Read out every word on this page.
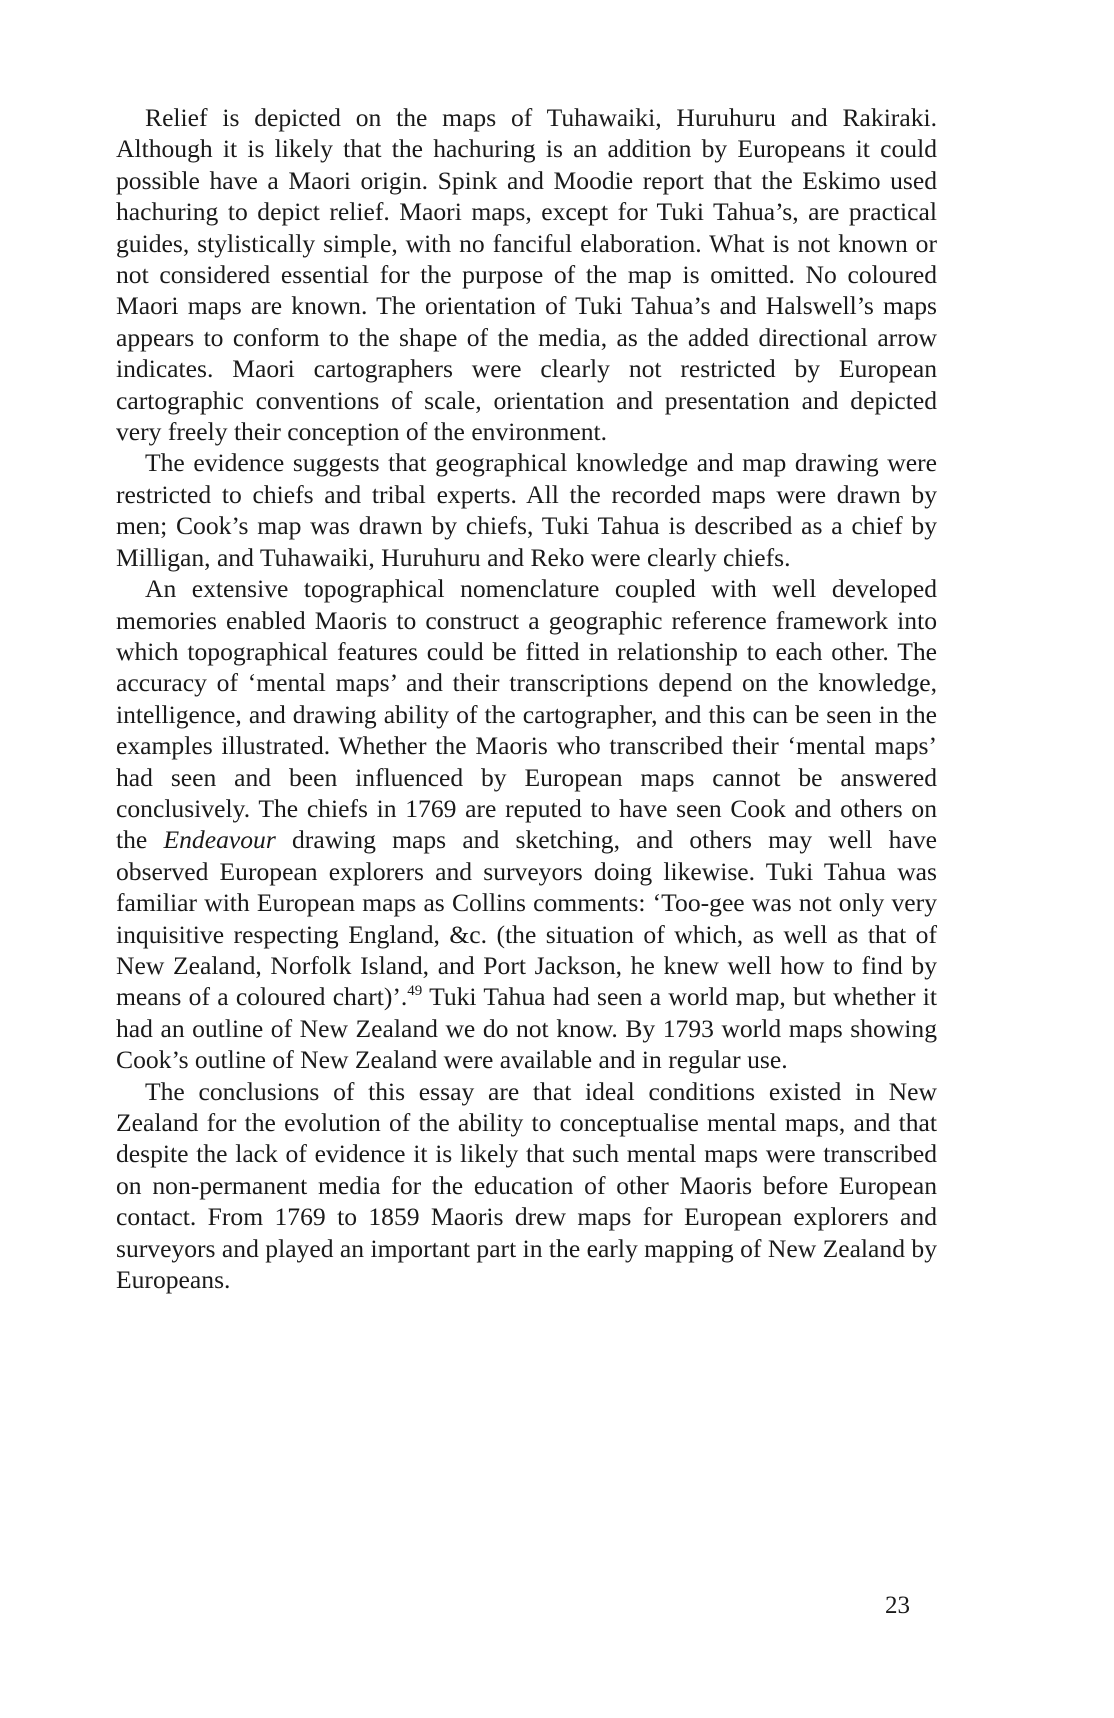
Relief is depicted on the maps of Tuhawaiki, Huruhuru and Rakiraki. Although it is likely that the hachuring is an addition by Europeans it could possible have a Maori origin. Spink and Moodie report that the Eskimo used hachuring to depict relief. Maori maps, except for Tuki Tahua’s, are practical guides, stylistically simple, with no fanciful elaboration. What is not known or not considered essential for the purpose of the map is omitted. No coloured Maori maps are known. The orientation of Tuki Tahua’s and Halswell’s maps appears to conform to the shape of the media, as the added directional arrow indicates. Maori cartographers were clearly not restricted by European cartographic conventions of scale, orientation and presentation and depicted very freely their conception of the environment.

The evidence suggests that geographical knowledge and map drawing were restricted to chiefs and tribal experts. All the recorded maps were drawn by men; Cook’s map was drawn by chiefs, Tuki Tahua is described as a chief by Milligan, and Tuhawaiki, Huruhuru and Reko were clearly chiefs.

An extensive topographical nomenclature coupled with well developed memories enabled Maoris to construct a geographic reference framework into which topographical features could be fitted in relationship to each other. The accuracy of ‘mental maps’ and their transcriptions depend on the knowledge, intelligence, and drawing ability of the cartographer, and this can be seen in the examples illustrated. Whether the Maoris who transcribed their ‘mental maps’ had seen and been influenced by European maps cannot be answered conclusively. The chiefs in 1769 are reputed to have seen Cook and others on the Endeavour drawing maps and sketching, and others may well have observed European explorers and surveyors doing likewise. Tuki Tahua was familiar with European maps as Collins comments: ‘Too-gee was not only very inquisitive respecting England, &c. (the situation of which, as well as that of New Zealand, Norfolk Island, and Port Jackson, he knew well how to find by means of a coloured chart)’.$^{49}$ Tuki Tahua had seen a world map, but whether it had an outline of New Zealand we do not know. By 1793 world maps showing Cook’s outline of New Zealand were available and in regular use.

The conclusions of this essay are that ideal conditions existed in New Zealand for the evolution of the ability to conceptualise mental maps, and that despite the lack of evidence it is likely that such mental maps were transcribed on non-permanent media for the education of other Maoris before European contact. From 1769 to 1859 Maoris drew maps for European explorers and surveyors and played an important part in the early mapping of New Zealand by Europeans.

23
